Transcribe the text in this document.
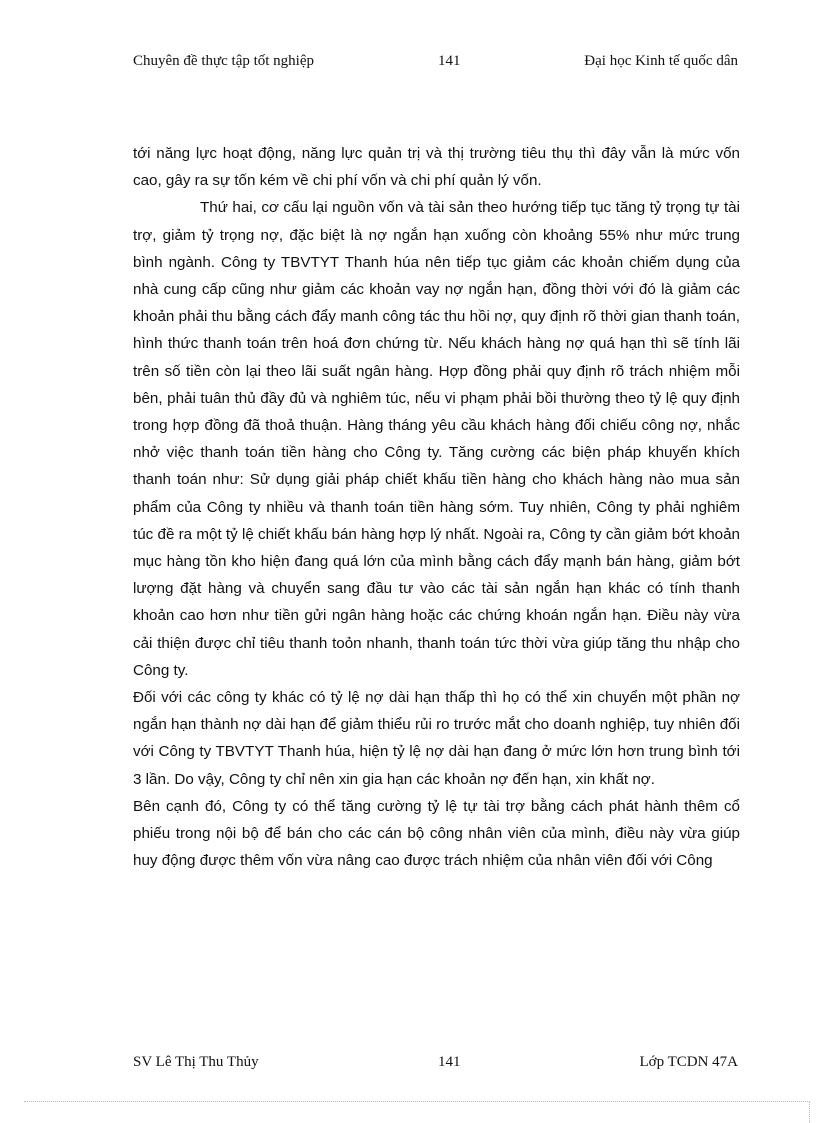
Chuyên đề thực tập tốt nghiệp	141	Đại học Kinh tế quốc dân

tới năng lực hoạt động, năng lực quản trị và thị trường tiêu thụ thì đây vẫn là mức vốn cao, gây ra sự tốn kém về chi phí vốn và chi phí quản lý vốn.

Thứ hai, cơ cấu lại nguồn vốn và tài sản theo hướng tiếp tục tăng tỷ trọng tự tài trợ, giảm tỷ trọng nợ, đặc biệt là nợ ngắn hạn xuống còn khoảng 55% như mức trung bình ngành. Công ty TBVTYT Thanh húa nên tiếp tục giảm các khoản chiếm dụng của nhà cung cấp cũng như giảm các khoản vay nợ ngắn hạn, đồng thời với đó là giảm các khoản phải thu bằng cách đẩy manh công tác thu hồi nợ, quy định rõ thời gian thanh toán, hình thức thanh toán trên hoá đơn chứng từ. Nếu khách hàng nợ quá hạn thì sẽ tính lãi trên số tiền còn lại theo lãi suất ngân hàng. Hợp đồng phải quy định rõ trách nhiệm mỗi bên, phải tuân thủ đầy đủ và nghiêm túc, nếu vi phạm phải bồi thường theo tỷ lệ quy định trong hợp đồng đã thoả thuận. Hàng tháng yêu cầu khách hàng đối chiếu công nợ, nhắc nhở việc thanh toán tiền hàng cho Công ty. Tăng cường các biện pháp khuyến khích thanh toán như: Sử dụng giải pháp chiết khấu tiền hàng cho khách hàng nào mua sản phẩm của Công ty nhiều và thanh toán tiền hàng sớm. Tuy nhiên, Công ty phải nghiêm túc đề ra một tỷ lệ chiết khấu bán hàng hợp lý nhất. Ngoài ra, Công ty cần giảm bớt khoản mục hàng tồn kho hiện đang quá lớn của mình bằng cách đẩy mạnh bán hàng, giảm bớt lượng đặt hàng và chuyển sang đầu tư vào các tài sản ngắn hạn khác có tính thanh khoản cao hơn như tiền gửi ngân hàng hoặc các chứng khoán ngắn hạn. Điều này vừa cải thiện được chỉ tiêu thanh toỏn nhanh, thanh toán tức thời vừa giúp tăng thu nhập cho Công ty.

Đối với các công ty khác có tỷ lệ nợ dài hạn thấp thì họ có thể xin chuyển một phần nợ ngắn hạn thành nợ dài hạn để giảm thiểu rủi ro trước mắt cho doanh nghiệp, tuy nhiên đối với Công ty TBVTYT Thanh húa, hiện tỷ lệ nợ dài hạn đang ở mức lớn hơn trung bình tới 3 lần. Do vậy, Công ty chỉ nên xin gia hạn các khoản nợ đến hạn, xin khất nợ.

Bên cạnh đó, Công ty có thể tăng cường tỷ lệ tự tài trợ bằng cách phát hành thêm cổ phiếu trong nội bộ để bán cho các cán bộ công nhân viên của mình, điều này vừa giúp huy động được thêm vốn vừa nâng cao được trách nhiệm của nhân viên đối với Công

SV Lê Thị Thu Thủy	141	Lớp TCDN 47A
